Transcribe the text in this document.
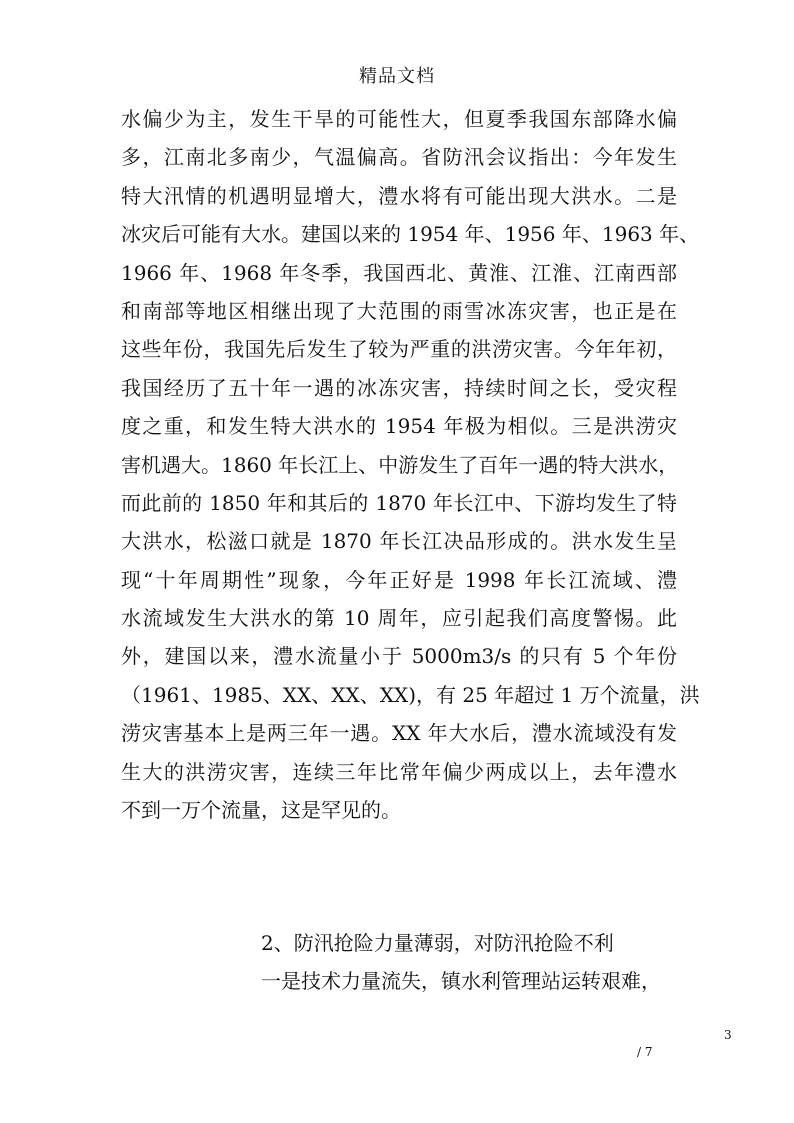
精品文档
水偏少为主，发生干旱的可能性大，但夏季我国东部降水偏
多，江南北多南少，气温偏高。省防汛会议指出：今年发生
特大汛情的机遇明显增大，澧水将有可能出现大洪水。二是
冰灾后可能有大水。建国以来的 1954 年、1956 年、1963 年、
1966 年、1968 年冬季，我国西北、黄淮、江淮、江南西部
和南部等地区相继出现了大范围的雨雪冰冻灾害，也正是在
这些年份，我国先后发生了较为严重的洪涝灾害。今年年初，
我国经历了五十年一遇的冰冻灾害，持续时间之长，受灾程
度之重，和发生特大洪水的 1954 年极为相似。三是洪涝灾
害机遇大。1860 年长江上、中游发生了百年一遇的特大洪水，
而此前的 1850 年和其后的 1870 年长江中、下游均发生了特
大洪水，松滋口就是 1870 年长江决品形成的。洪水发生呈
现“十年周期性”现象，今年正好是 1998 年长江流域、澧
水流域发生大洪水的第 10 周年，应引起我们高度警惕。此
外，建国以来，澧水流量小于 5000m3/s 的只有 5 个年份
（1961、1985、XX、XX、XX)，有 25 年超过 1 万个流量，洪
涝灾害基本上是两三年一遇。XX 年大水后，澧水流域没有发
生大的洪涝灾害，连续三年比常年偏少两成以上，去年澧水
不到一万个流量，这是罕见的。
2、防汛抢险力量薄弱，对防汛抢险不利
一是技术力量流失，镇水利管理站运转艰难，
3
/ 7
